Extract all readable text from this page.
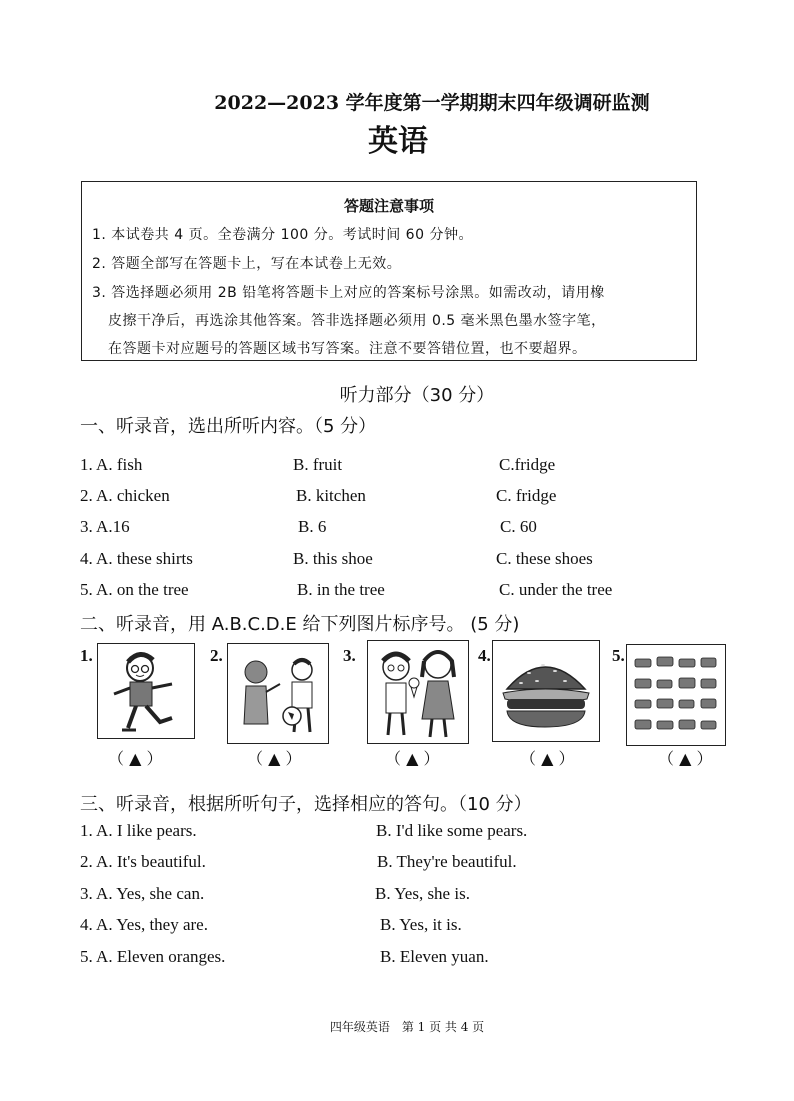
2022—2023 学年度第一学期期末四年级调研监测
英语
答题注意事项
1. 本试卷共 4 页。全卷满分 100 分。考试时间 60 分钟。
2. 答题全部写在答题卡上，写在本试卷上无效。
3. 答选择题必须用 2B 铅笔将答题卡上对应的答案标号涂黑。如需改动，请用橡
皮擦干净后，再选涂其他答案。答非选择题必须用 0.5 毫米黑色墨水签字笔，
在答题卡对应题号的答题区域书写答案。注意不要答错位置，也不要超界。
听力部分（30 分）
一、听录音，选出所听内容。（5 分）
1. A. fish	B. fruit	C.fridge
2. A. chicken	B. kitchen	C. fridge
3. A.16	B. 6	C. 60
4. A. these shirts	B. this shoe	C. these shoes
5. A. on the tree	B. in the tree	C. under the tree
二、听录音，用 A.B.C.D.E 给下列图片标序号。 (5 分)
1.
（ ▲ ）
2.
（ ▲ ）
3.
（ ▲ ）
4.
（ ▲ ）
5.
（ ▲ ）
三、听录音，根据所听句子，选择相应的答句。（10 分）
1. A. I like pears.	B. I'd like some pears.
2. A. It's beautiful.	B. They're beautiful.
3. A. Yes, she can.	B. Yes, she is.
4. A. Yes, they are.	B. Yes, it is.
5. A. Eleven oranges.	B. Eleven yuan.
四年级英语　第 1 页 共 4 页
